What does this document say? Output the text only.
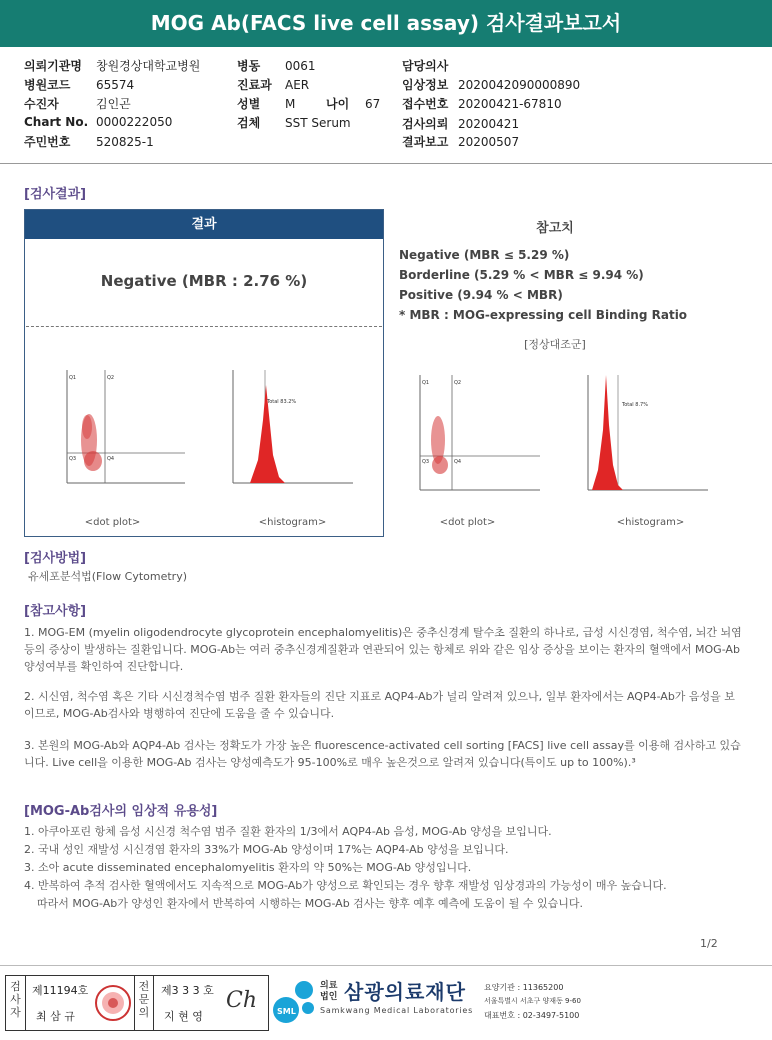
MOG Ab(FACS live cell assay) 검사결과보고서
의뢰기관명 창원경상대학교병원
병원코드 65574
수진자	김인곤
Chart No. 0000222050
주민번호 520825-1
병동 0061
진료과 AER
성별 M
검체 SST Serum
담당의사
임상정보 2020042090000890
접수번호 20200421-67810
검사의뢰 20200421
결과보고 20200507
나이 67
[검사결과]
결과
Negative (MBR : 2.76 %)
Q1	Q2
Q3	Q4
Total 83.2%
<dot plot>	<histogram>
참고치
Negative (MBR ≤ 5.29 %)
Borderline (5.29 % < MBR ≤ 9.94 %)
Positive (9.94 % < MBR)
* MBR : MOG-expressing cell Binding Ratio
[정상대조군]
Q1	Q2
Q3	Q4
Total 8.7%
<dot plot>	<histogram>
[검사방법]
유세포분석법(Flow Cytometry)
[참고사항]
1. MOG-EM (myelin oligodendrocyte glycoprotein encephalomyelitis)은 중추신경계 탈수초 질환의 하나로, 급성 시신경염, 척수염, 뇌간 뇌염 등의 증상이 발생하는 질환입니다. MOG-Ab는 여러 중추신경계질환과 연관되어 있는 항체로 위와 같은 임상 증상을 보이는 환자의 혈액에서 MOG-Ab 양성여부를 확인하여 진단합니다.
2. 시신염, 척수염 혹은 기타 시신경척수염 범주 질환 환자들의 진단 지표로 AQP4-Ab가 널리 알려져 있으나, 일부 환자에서는 AQP4-Ab가 음성을 보이므로, MOG-Ab검사와 병행하여 진단에 도움을 줄 수 있습니다.
3. 본원의 MOG-Ab와 AQP4-Ab 검사는 정확도가 가장 높은 fluorescence-activated cell sorting [FACS] live cell assay를 이용해 검사하고 있습니다. Live cell을 이용한 MOG-Ab 검사는 양성예측도가 95-100%로 매우 높은것으로 알려져 있습니다(특이도 up to 100%).³
[MOG-Ab검사의 임상적 유용성]
1. 아쿠아포린 항체 음성 시신경 척수염 범주 질환 환자의 1/3에서 AQP4-Ab 음성, MOG-Ab 양성을 보입니다.
2. 국내 성인 재발성 시신경염 환자의 33%가 MOG-Ab 양성이며 17%는 AQP4-Ab 양성을 보입니다.
3. 소아 acute disseminated encephalomyelitis 환자의 약 50%는 MOG-Ab 양성입니다.
4. 반복하여 추적 검사한 혈액에서도 지속적으로 MOG-Ab가 양성으로 확인되는 경우 향후 재발성 임상경과의 가능성이 매우 높습니다.
따라서 MOG-Ab가 양성인 환자에서 반복하여 시행하는 MOG-Ab 검사는 향후 예후 예측에 도움이 될 수 있습니다.
1/2
검사자
제11194호
최 삼 규
전문의
제3 3 3 호
지 현 영
Ch SML
의료법인 삼광의료재단
Samkwang Medical Laboratories
요양기관 : 11365200
서울특별시 서초구 양재동 9-60
대표번호 : 02-3497-5100
